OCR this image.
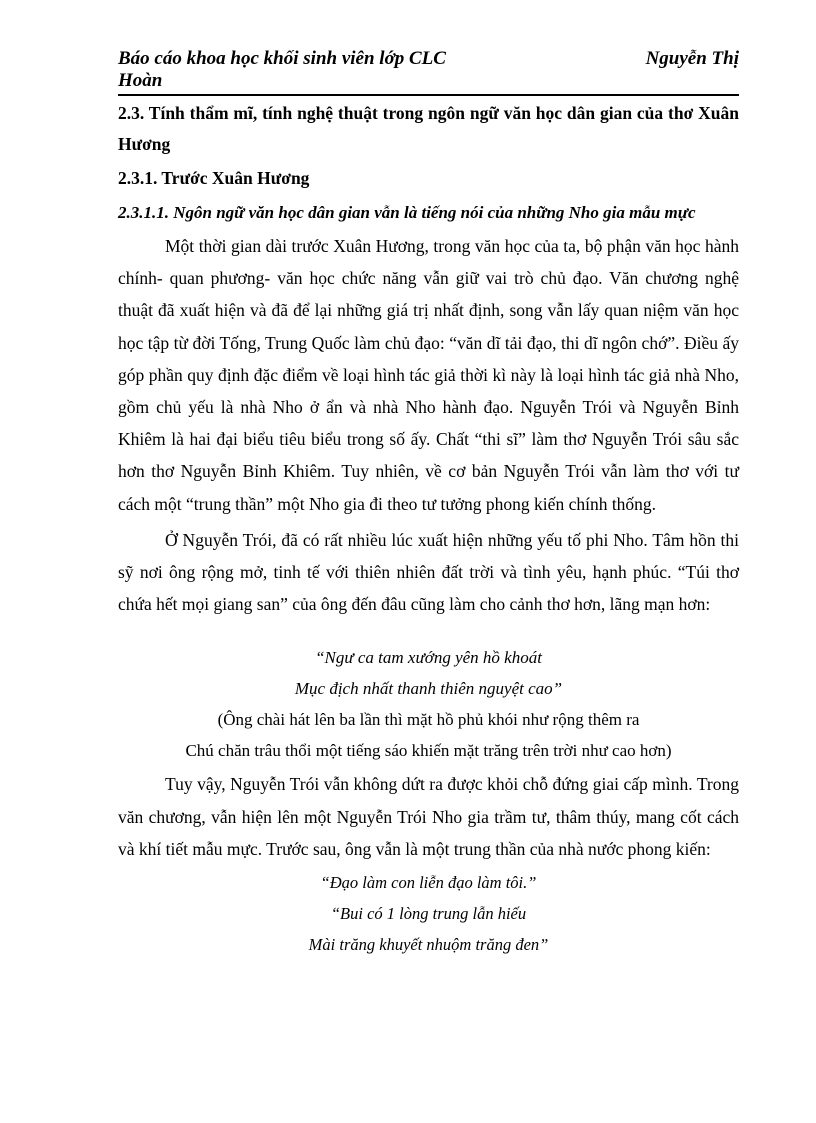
Báo cáo khoa học khối sinh viên lớp CLC	Nguyễn Thị
Hoàn
2.3. Tính thẩm mĩ, tính nghệ thuật trong ngôn ngữ văn học dân gian của thơ Xuân Hương
2.3.1. Trước Xuân Hương
2.3.1.1. Ngôn ngữ văn học dân gian vẫn là tiếng nói của những Nho gia mẫu mực

Một thời gian dài trước Xuân Hương, trong văn học của ta, bộ phận văn học hành chính- quan phương- văn học chức năng vẫn giữ vai trò chủ đạo. Văn chương nghệ thuật đã xuất hiện và đã để lại những giá trị nhất định, song vẫn lấy quan niệm văn học học tập từ đời Tống, Trung Quốc làm chủ đạo: “văn dĩ tải đạo, thi dĩ ngôn chớ”. Điều ấy góp phần quy định đặc điểm về loại hình tác giả thời kì này là loại hình tác giả nhà Nho, gồm chủ yếu là nhà Nho ở ẩn và nhà Nho hành đạo. Nguyễn Trói và Nguyễn Bỉnh Khiêm là hai đại biểu tiêu biểu trong số ấy. Chất “thi sĩ” làm thơ Nguyễn Trói sâu sắc hơn thơ Nguyễn Bỉnh Khiêm. Tuy nhiên, về cơ bản Nguyễn Trói vẫn làm thơ với tư cách một “trung thần” một Nho gia đi theo tư tưởng phong kiến chính thống.

Ở Nguyễn Trói, đã có rất nhiều lúc xuất hiện những yếu tố phi Nho. Tâm hồn thi sỹ nơi ông rộng mở, tinh tế với thiên nhiên đất trời và tình yêu, hạnh phúc. “Túi thơ chứa hết mọi giang san” của ông đến đâu cũng làm cho cảnh thơ hơn, lãng mạn hơn:

“Ngư ca tam xướng yên hồ khoát
Mục địch nhất thanh thiên nguyệt cao”
(Ông chài hát lên ba lần thì mặt hồ phủ khói như rộng thêm ra
Chú chăn trâu thổi một tiếng sáo khiến mặt trăng trên trời như cao hơn)

Tuy vậy, Nguyễn Trói vẫn không dứt ra được khỏi chỗ đứng giai cấp mình. Trong văn chương, vẫn hiện lên một Nguyễn Trói Nho gia trầm tư, thâm thúy, mang cốt cách và khí tiết mẫu mực. Trước sau, ông vẫn là một trung thần của nhà nước phong kiến:

“Đạo làm con liễn đạo làm tôi.”
“Bui có 1 lòng trung lẫn hiếu
Mài trăng khuyết nhuộm trăng đen”
